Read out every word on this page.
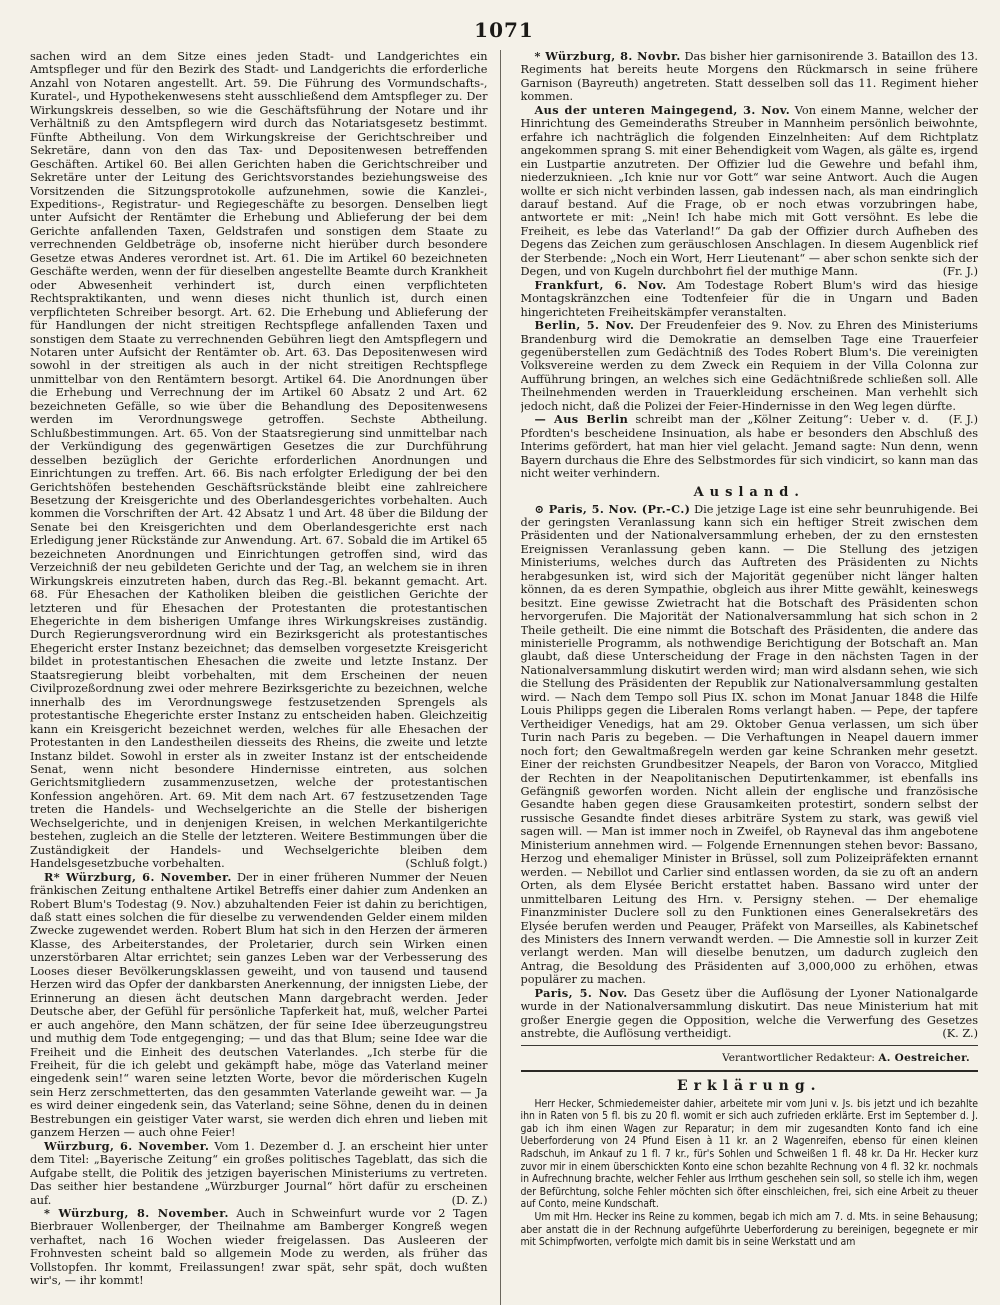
1071

sachen wird an dem Sitze eines jeden Stadt- und Landgerichtes ein Amtspfleger und für den Bezirk des Stadt- und Landgerichts die erforderliche Anzahl von Notaren angestellt. Art. 59. Die Führung des Vormundschafts-, Kuratel-, und Hypothekenwesens steht ausschließend dem Amtspfleger zu. Der Wirkungskreis desselben, so wie die Geschäftsführung der Notare und ihr Verhältniß zu den Amtspflegern wird durch das Notariatsgesetz bestimmt. Fünfte Abtheilung. Von dem Wirkungskreise der Gerichtschreiber und Sekretäre, dann von den das Tax- und Depositenwesen betreffenden Geschäften. Artikel 60. Bei allen Gerichten haben die Gerichtschreiber und Sekretäre unter der Leitung des Gerichtsvorstandes beziehungsweise des Vorsitzenden die Sitzungsprotokolle aufzunehmen, sowie die Kanzlei-, Expeditions-, Registratur- und Regiegeschäfte zu besorgen. Denselben liegt unter Aufsicht der Rentämter die Erhebung und Ablieferung der bei dem Gerichte anfallenden Taxen, Geldstrafen und sonstigen dem Staate zu verrechnenden Geldbeträge ob, insoferne nicht hierüber durch besondere Gesetze etwas Anderes verordnet ist. Art. 61. Die im Artikel 60 bezeichneten Geschäfte werden, wenn der für dieselben angestellte Beamte durch Krankheit oder Abwesenheit verhindert ist, durch einen verpflichteten Rechtspraktikanten, und wenn dieses nicht thunlich ist, durch einen verpflichteten Schreiber besorgt. Art. 62. Die Erhebung und Ablieferung der für Handlungen der nicht streitigen Rechtspflege anfallenden Taxen und sonstigen dem Staate zu verrechnenden Gebühren liegt den Amtspflegern und Notaren unter Aufsicht der Rentämter ob. Art. 63. Das Depositenwesen wird sowohl in der streitigen als auch in der nicht streitigen Rechtspflege unmittelbar von den Rentämtern besorgt. Artikel 64. Die Anordnungen über die Erhebung und Verrechnung der im Artikel 60 Absatz 2 und Art. 62 bezeichneten Gefälle, so wie über die Behandlung des Depositenwesens werden im Verordnungswege getroffen. Sechste Abtheilung. Schlußbestimmungen. Art. 65. Von der Staatsregierung sind unmittelbar nach der Verkündigung des gegenwärtigen Gesetzes die zur Durchführung desselben bezüglich der Gerichte erforderlichen Anordnungen und Einrichtungen zu treffen. Art. 66. Bis nach erfolgter Erledigung der bei den Gerichtshöfen bestehenden Geschäftsrückstände bleibt eine zahlreichere Besetzung der Kreisgerichte und des Oberlandesgerichtes vorbehalten. Auch kommen die Vorschriften der Art. 42 Absatz 1 und Art. 48 über die Bildung der Senate bei den Kreisgerichten und dem Oberlandesgerichte erst nach Erledigung jener Rückstände zur Anwendung. Art. 67. Sobald die im Artikel 65 bezeichneten Anordnungen und Einrichtungen getroffen sind, wird das Verzeichniß der neu gebildeten Gerichte und der Tag, an welchem sie in ihren Wirkungskreis einzutreten haben, durch das Reg.-Bl. bekannt gemacht. Art. 68. Für Ehesachen der Katholiken bleiben die geistlichen Gerichte der letzteren und für Ehesachen der Protestanten die protestantischen Ehegerichte in dem bisherigen Umfange ihres Wirkungskreises zuständig. Durch Regierungsverordnung wird ein Bezirksgericht als protestantisches Ehegericht erster Instanz bezeichnet; das demselben vorgesetzte Kreisgericht bildet in protestantischen Ehesachen die zweite und letzte Instanz. Der Staatsregierung bleibt vorbehalten, mit dem Erscheinen der neuen Civilprozeßordnung zwei oder mehrere Bezirksgerichte zu bezeichnen, welche innerhalb des im Verordnungswege festzusetzenden Sprengels als protestantische Ehegerichte erster Instanz zu entscheiden haben. Gleichzeitig kann ein Kreisgericht bezeichnet werden, welches für alle Ehesachen der Protestanten in den Landestheilen diesseits des Rheins, die zweite und letzte Instanz bildet. Sowohl in erster als in zweiter Instanz ist der entscheidende Senat, wenn nicht besondere Hindernisse eintreten, aus solchen Gerichtsmitgliedern zusammenzusetzen, welche der protestantischen Konfession angehören. Art. 69. Mit dem nach Art. 67 festzusetzenden Tage treten die Handels- und Wechselgerichte an die Stelle der bisherigen Wechselgerichte, und in denjenigen Kreisen, in welchen Merkantilgerichte bestehen, zugleich an die Stelle der letzteren. Weitere Bestimmungen über die Zuständigkeit der Handels- und Wechselgerichte bleiben dem Handelsgesetzbuche vorbehalten.	(Schluß folgt.)

R* Würzburg, 6. November. Der in einer früheren Nummer der Neuen fränkischen Zeitung enthaltene Artikel Betreffs einer dahier zum Andenken an Robert Blum's Todestag (9. Nov.) abzuhaltenden Feier ist dahin zu berichtigen, daß statt eines solchen die für dieselbe zu verwendenden Gelder einem milden Zwecke zugewendet werden. Robert Blum hat sich in den Herzen der ärmeren Klasse, des Arbeiterstandes, der Proletarier, durch sein Wirken einen unzerstörbaren Altar errichtet; sein ganzes Leben war der Verbesserung des Looses dieser Bevölkerungsklassen geweiht, und von tausend und tausend Herzen wird das Opfer der dankbarsten Anerkennung, der innigsten Liebe, der Erinnerung an diesen ächt deutschen Mann dargebracht werden. Jeder Deutsche aber, der Gefühl für persönliche Tapferkeit hat, muß, welcher Partei er auch angehöre, den Mann schätzen, der für seine Idee überzeugungstreu und muthig dem Tode entgegenging; — und das that Blum; seine Idee war die Freiheit und die Einheit des deutschen Vaterlandes. „Ich sterbe für die Freiheit, für die ich gelebt und gekämpft habe, möge das Vaterland meiner eingedenk sein!“ waren seine letzten Worte, bevor die mörderischen Kugeln sein Herz zerschmetterten, das den gesammten Vaterlande geweiht war. — Ja es wird deiner eingedenk sein, das Vaterland; seine Söhne, denen du in deinen Bestrebungen ein geistiger Vater warst, sie werden dich ehren und lieben mit ganzem Herzen — auch ohne Feier!

Würzburg, 6. November. Vom 1. Dezember d. J. an erscheint hier unter dem Titel: „Bayerische Zeitung“ ein großes politisches Tageblatt, das sich die Aufgabe stellt, die Politik des jetzigen bayerischen Ministeriums zu vertreten. Das seither hier bestandene „Würzburger Journal“ hört dafür zu erscheinen auf.	(D. Z.)

* Würzburg, 8. November. Auch in Schweinfurt wurde vor 2 Tagen Bierbrauer Wollenberger, der Theilnahme am Bamberger Kongreß wegen verhaftet, nach 16 Wochen wieder freigelassen. Das Ausleeren der Frohnvesten scheint bald so allgemein Mode zu werden, als früher das Vollstopfen. Ihr kommt, Freilassungen! zwar spät, sehr spät, doch wußten wir's, — ihr kommt!

* Würzburg, 8. Novbr. Das bisher hier garnisonirende 3. Bataillon des 13. Regiments hat bereits heute Morgens den Rückmarsch in seine frühere Garnison (Bayreuth) angetreten. Statt desselben soll das 11. Regiment hieher kommen.

Aus der unteren Maingegend, 3. Nov. Von einem Manne, welcher der Hinrichtung des Gemeinderaths Streuber in Mannheim persönlich beiwohnte, erfahre ich nachträglich die folgenden Einzelnheiten: Auf dem Richtplatz angekommen sprang S. mit einer Behendigkeit vom Wagen, als gälte es, irgend ein Lustpartie anzutreten. Der Offizier lud die Gewehre und befahl ihm, niederzuknieen. „Ich knie nur vor Gott“ war seine Antwort. Auch die Augen wollte er sich nicht verbinden lassen, gab indessen nach, als man eindringlich darauf bestand. Auf die Frage, ob er noch etwas vorzubringen habe, antwortete er mit: „Nein! Ich habe mich mit Gott versöhnt. Es lebe die Freiheit, es lebe das Vaterland!“ Da gab der Offizier durch Aufheben des Degens das Zeichen zum geräuschlosen Anschlagen. In diesem Augenblick rief der Sterbende: „Noch ein Wort, Herr Lieutenant“ — aber schon senkte sich der Degen, und von Kugeln durchbohrt fiel der muthige Mann.	(Fr. J.)

Frankfurt, 6. Nov. Am Todestage Robert Blum's wird das hiesige Montagskränzchen eine Todtenfeier für die in Ungarn und Baden hingerichteten Freiheitskämpfer veranstalten.

Berlin, 5. Nov. Der Freudenfeier des 9. Nov. zu Ehren des Ministeriums Brandenburg wird die Demokratie an demselben Tage eine Trauerfeier gegenüberstellen zum Gedächtniß des Todes Robert Blum's. Die vereinigten Volksvereine werden zu dem Zweck ein Requiem in der Villa Colonna zur Aufführung bringen, an welches sich eine Gedächtnißrede schließen soll. Alle Theilnehmenden werden in Trauerkleidung erscheinen. Man verhehlt sich jedoch nicht, daß die Polizei der Feier-Hindernisse in den Weg legen dürfte.
(F. J.)

— Aus Berlin schreibt man der „Kölner Zeitung“: Ueber v. d. Pfordten's bescheidene Insinuation, als habe er besonders den Abschluß des Interims gefördert, hat man hier viel gelacht. Jemand sagte: Nun denn, wenn Bayern durchaus die Ehre des Selbstmordes für sich vindicirt, so kann man das nicht weiter verhindern.

Ausland.

⊙ Paris, 5. Nov. (Pr.-C.) Die jetzige Lage ist eine sehr beunruhigende. Bei der geringsten Veranlassung kann sich ein heftiger Streit zwischen dem Präsidenten und der Nationalversammlung erheben, der zu den ernstesten Ereignissen Veranlassung geben kann. — Die Stellung des jetzigen Ministeriums, welches durch das Auftreten des Präsidenten zu Nichts herabgesunken ist, wird sich der Majorität gegenüber nicht länger halten können, da es deren Sympathie, obgleich aus ihrer Mitte gewählt, keineswegs besitzt. Eine gewisse Zwietracht hat die Botschaft des Präsidenten schon hervorgerufen. Die Majorität der Nationalversammlung hat sich schon in 2 Theile getheilt. Die eine nimmt die Botschaft des Präsidenten, die andere das ministerielle Programm, als nothwendige Berichtigung der Botschaft an. Man glaubt, daß diese Unterscheidung der Frage in den nächsten Tagen in der Nationalversammlung diskutirt werden wird; man wird alsdann sehen, wie sich die Stellung des Präsidenten der Republik zur Nationalversammlung gestalten wird. — Nach dem Tempo soll Pius IX. schon im Monat Januar 1848 die Hilfe Louis Philipps gegen die Liberalen Roms verlangt haben. — Pepe, der tapfere Vertheidiger Venedigs, hat am 29. Oktober Genua verlassen, um sich über Turin nach Paris zu begeben. — Die Verhaftungen in Neapel dauern immer noch fort; den Gewaltmaßregeln werden gar keine Schranken mehr gesetzt. Einer der reichsten Grundbesitzer Neapels, der Baron von Voracco, Mitglied der Rechten in der Neapolitanischen Deputirtenkammer, ist ebenfalls ins Gefängniß geworfen worden. Nicht allein der englische und französische Gesandte haben gegen diese Grausamkeiten protestirt, sondern selbst der russische Gesandte findet dieses arbiträre System zu stark, was gewiß viel sagen will. — Man ist immer noch in Zweifel, ob Rayneval das ihm angebotene Ministerium annehmen wird. — Folgende Ernennungen stehen bevor: Bassano, Herzog und ehemaliger Minister in Brüssel, soll zum Polizeipräfekten ernannt werden. — Nebillot und Carlier sind entlassen worden, da sie zu oft an andern Orten, als dem Elysée Bericht erstattet haben. Bassano wird unter der unmittelbaren Leitung des Hrn. v. Persigny stehen. — Der ehemalige Finanzminister Duclere soll zu den Funktionen eines Generalsekretärs des Elysée berufen werden und Peauger, Präfekt von Marseilles, als Kabinetschef des Ministers des Innern verwandt werden. — Die Amnestie soll in kurzer Zeit verlangt werden. Man will dieselbe benutzen, um dadurch zugleich den Antrag, die Besoldung des Präsidenten auf 3,000,000 zu erhöhen, etwas populärer zu machen.

Paris, 5. Nov. Das Gesetz über die Auflösung der Lyoner Nationalgarde wurde in der Nationalversammlung diskutirt. Das neue Ministerium hat mit großer Energie gegen die Opposition, welche die Verwerfung des Gesetzes anstrebte, die Auflösung vertheidigt.	(K. Z.)

Verantwortlicher Redakteur: A. Oestreicher.
Erklärung.

Herr Hecker, Schmiedemeister dahier, arbeitete mir vom Juni v. Js. bis jetzt und ich bezahlte ihn in Raten von 5 fl. bis zu 20 fl. womit er sich auch zufrieden erklärte. Erst im September d. J. gab ich ihm einen Wagen zur Reparatur; in dem mir zugesandten Konto fand ich eine Ueberforderung von 24 Pfund Eisen à 11 kr. an 2 Wagenreifen, ebenso für einen kleinen Radschuh, im Ankauf zu 1 fl. 7 kr., für's Sohlen und Schweißen 1 fl. 48 kr. Da Hr. Hecker kurz zuvor mir in einem überschickten Konto eine schon bezahlte Rechnung von 4 fl. 32 kr. nochmals in Aufrechnung brachte, welcher Fehler aus Irrthum geschehen sein soll, so stelle ich ihm, wegen der Befürchtung, solche Fehler möchten sich öfter einschleichen, frei, sich eine Arbeit zu theuer auf Conto, meine Kundschaft.

Um mit Hrn. Hecker ins Reine zu kommen, begab ich mich am 7. d. Mts. in seine Behausung; aber anstatt die in der Rechnung aufgeführte Ueberforderung zu bereinigen, begegnete er mir mit Schimpfworten, verfolgte mich damit bis in seine Werkstatt und am
